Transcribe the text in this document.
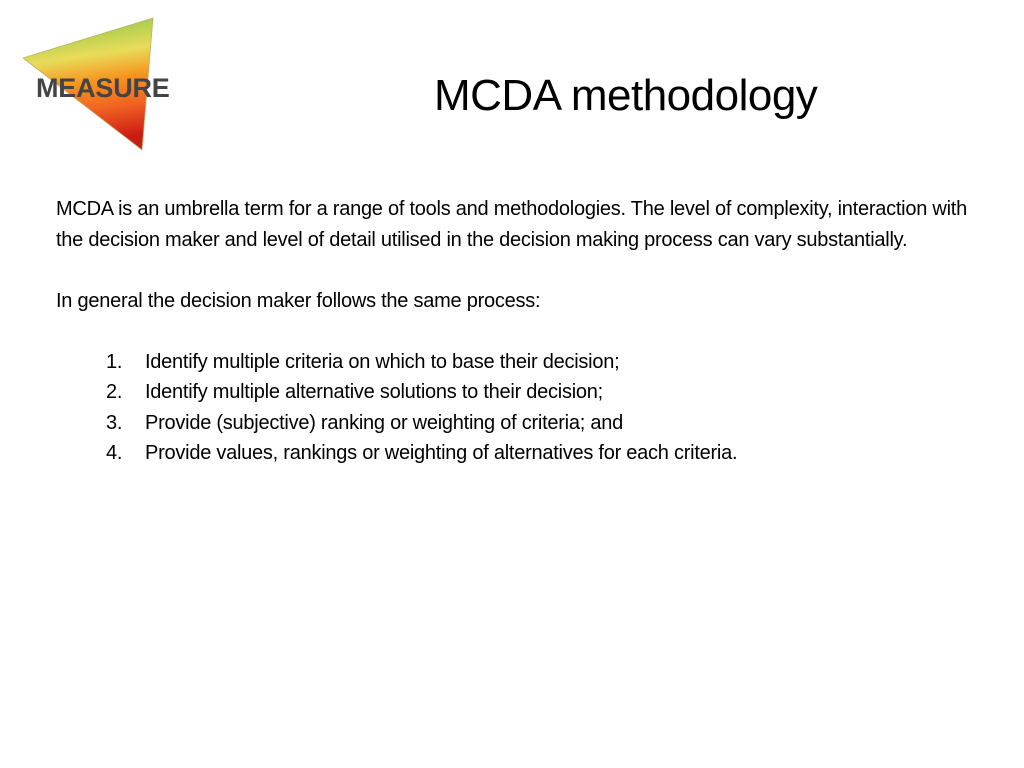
MEASURE	MCDA methodology

MCDA is an umbrella term for a range of tools and methodologies. The level of complexity, interaction with the decision maker and level of detail utilised in the decision making process can vary substantially.

In general the decision maker follows the same process:

1. Identify multiple criteria on which to base their decision;
2. Identify multiple alternative solutions to their decision;
3. Provide (subjective) ranking or weighting of criteria; and
4. Provide values, rankings or weighting of alternatives for each criteria.
